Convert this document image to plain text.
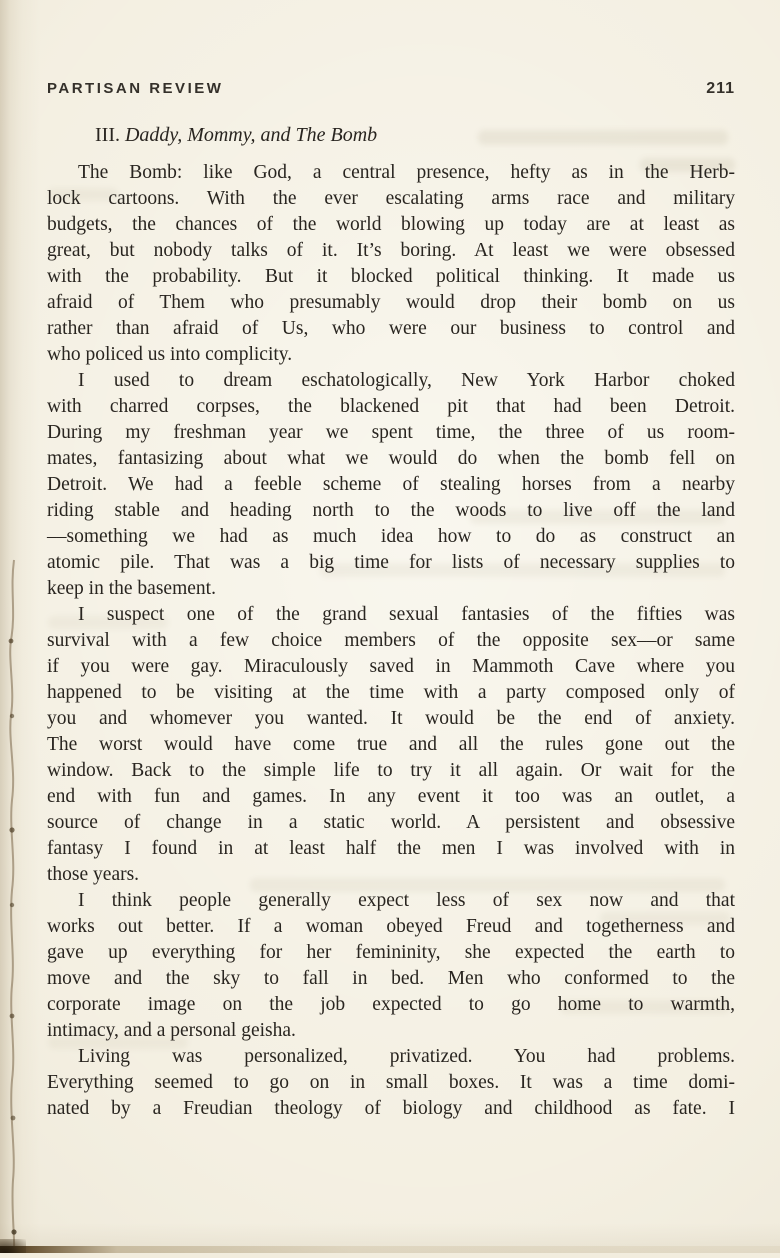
PARTISAN REVIEW	211
III. Daddy, Mommy, and The Bomb
The Bomb: like God, a central presence, hefty as in the Herb-
lock cartoons. With the ever escalating arms race and military
budgets, the chances of the world blowing up today are at least as
great, but nobody talks of it. It’s boring. At least we were obsessed
with the probability. But it blocked political thinking. It made us
afraid of Them who presumably would drop their bomb on us
rather than afraid of Us, who were our business to control and
who policed us into complicity.
I used to dream eschatologically, New York Harbor choked
with charred corpses, the blackened pit that had been Detroit.
During my freshman year we spent time, the three of us room-
mates, fantasizing about what we would do when the bomb fell on
Detroit. We had a feeble scheme of stealing horses from a nearby
riding stable and heading north to the woods to live off the land
––something we had as much idea how to do as construct an
atomic pile. That was a big time for lists of necessary supplies to
keep in the basement.
I suspect one of the grand sexual fantasies of the fifties was
survival with a few choice members of the opposite sex––or same
if you were gay. Miraculously saved in Mammoth Cave where you
happened to be visiting at the time with a party composed only of
you and whomever you wanted. It would be the end of anxiety.
The worst would have come true and all the rules gone out the
window. Back to the simple life to try it all again. Or wait for the
end with fun and games. In any event it too was an outlet, a
source of change in a static world. A persistent and obsessive
fantasy I found in at least half the men I was involved with in
those years.
I think people generally expect less of sex now and that
works out better. If a woman obeyed Freud and togetherness and
gave up everything for her femininity, she expected the earth to
move and the sky to fall in bed. Men who conformed to the
corporate image on the job expected to go home to warmth,
intimacy, and a personal geisha.
Living was personalized, privatized. You had problems.
Everything seemed to go on in small boxes. It was a time domi-
nated by a Freudian theology of biology and childhood as fate. I
